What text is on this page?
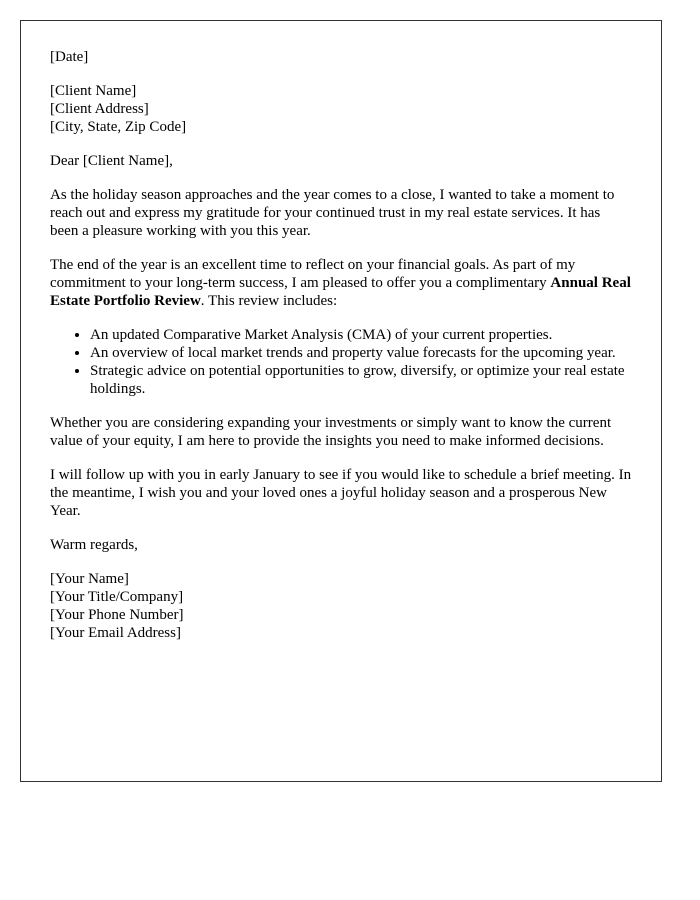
[Date]

[Client Name]
[Client Address]
[City, State, Zip Code]

Dear [Client Name],

As the holiday season approaches and the year comes to a close, I wanted to take a moment to reach out and express my gratitude for your continued trust in my real estate services. It has been a pleasure working with you this year.

The end of the year is an excellent time to reflect on your financial goals. As part of my commitment to your long-term success, I am pleased to offer you a complimentary Annual Real Estate Portfolio Review. This review includes:

• An updated Comparative Market Analysis (CMA) of your current properties.
• An overview of local market trends and property value forecasts for the upcoming year.
• Strategic advice on potential opportunities to grow, diversify, or optimize your real estate holdings.

Whether you are considering expanding your investments or simply want to know the current value of your equity, I am here to provide the insights you need to make informed decisions.

I will follow up with you in early January to see if you would like to schedule a brief meeting. In the meantime, I wish you and your loved ones a joyful holiday season and a prosperous New Year.

Warm regards,

[Your Name]
[Your Title/Company]
[Your Phone Number]
[Your Email Address]
